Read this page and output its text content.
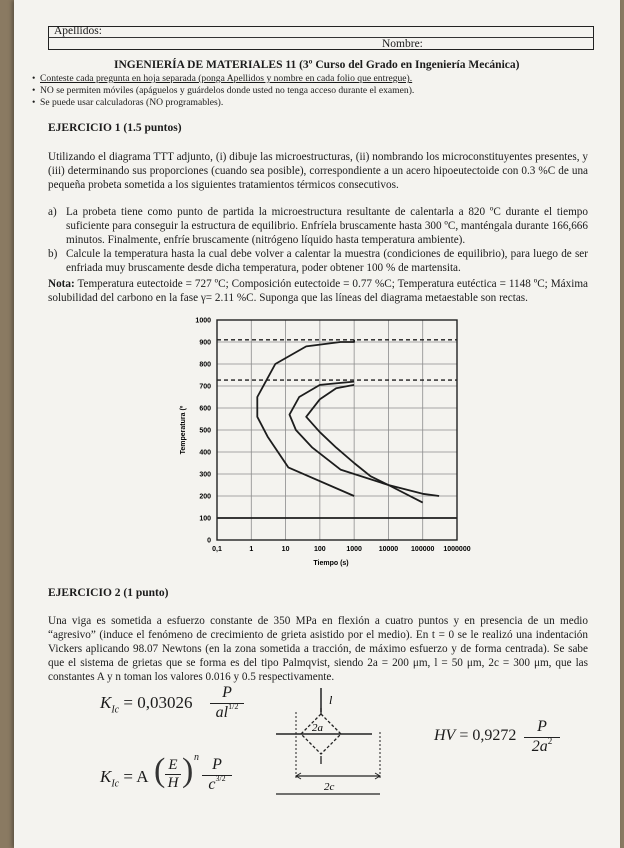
Apellidos:
Nombre:
INGENIERÍA DE MATERIALES 11 (3º Curso del Grado en Ingeniería Mecánica)
• Conteste cada pregunta en hoja separada (ponga Apellidos y nombre en cada folio que entregue).
• NO se permiten móviles (apáguelos y guárdelos donde usted no tenga acceso durante el examen).
• Se puede usar calculadoras (NO programables).
EJERCICIO 1 (1.5 puntos)
Utilizando el diagrama TTT adjunto, (i) dibuje las microestructuras, (ii) nombrando los microconstituyentes presentes, y (iii) determinando sus proporciones (cuando sea posible), correspondiente a un acero hipoeutectoide con 0.3 %C de una pequeña probeta sometida a los siguientes tratamientos térmicos consecutivos.
a) La probeta tiene como punto de partida la microestructura resultante de calentarla a 820 ºC durante el tiempo suficiente para conseguir la estructura de equilibrio. Enfríela bruscamente hasta 300 ºC, manténgala durante 166,666 minutos. Finalmente, enfríe bruscamente (nitrógeno líquido hasta temperatura ambiente).
b) Calcule la temperatura hasta la cual debe volver a calentar la muestra (condiciones de equilibrio), para luego de ser enfriada muy bruscamente desde dicha temperatura, poder obtener 100 % de martensita.
Nota: Temperatura eutectoide = 727 ºC; Composición eutectoide = 0.77 %C; Temperatura eutéctica = 1148 ºC; Máxima solubilidad del carbono en la fase γ= 2.11 %C. Suponga que las líneas del diagrama metaestable son rectas.
0
100
200
300
400
500
600
700
800
900
1000
0,1	1	10	100	1000 10000 100000 1000000
Temperatura (º
Tiempo (s)
EJERCICIO 2 (1 punto)
Una viga es sometida a esfuerzo constante de 350 MPa en flexión a cuatro puntos y en presencia de un medio “agresivo” (induce el fenómeno de crecimiento de grieta asistido por el medio). En t = 0 se le realizó una indentación Vickers aplicando 98.07 Newtons (en la zona sometida a tracción, de máximo esfuerzo y de forma centrada). Se sabe que el sistema de grietas que se forma es del tipo Palmqvist, siendo 2a = 200 μm, l = 50 μm, 2c = 300 μm, que las constantes A y n toman los valores 0.016 y 0.5 respectivamente.
$K_{Ic} = 0,03026 \frac{P}{al^{1/2}}$
$K_{Ic} = A$ ( $\frac{E}{H}$ ) n $\frac{P}{c^{3/2}}$
l
2a
2c
HV = $0,9272 \frac{P}{2a^2}$
